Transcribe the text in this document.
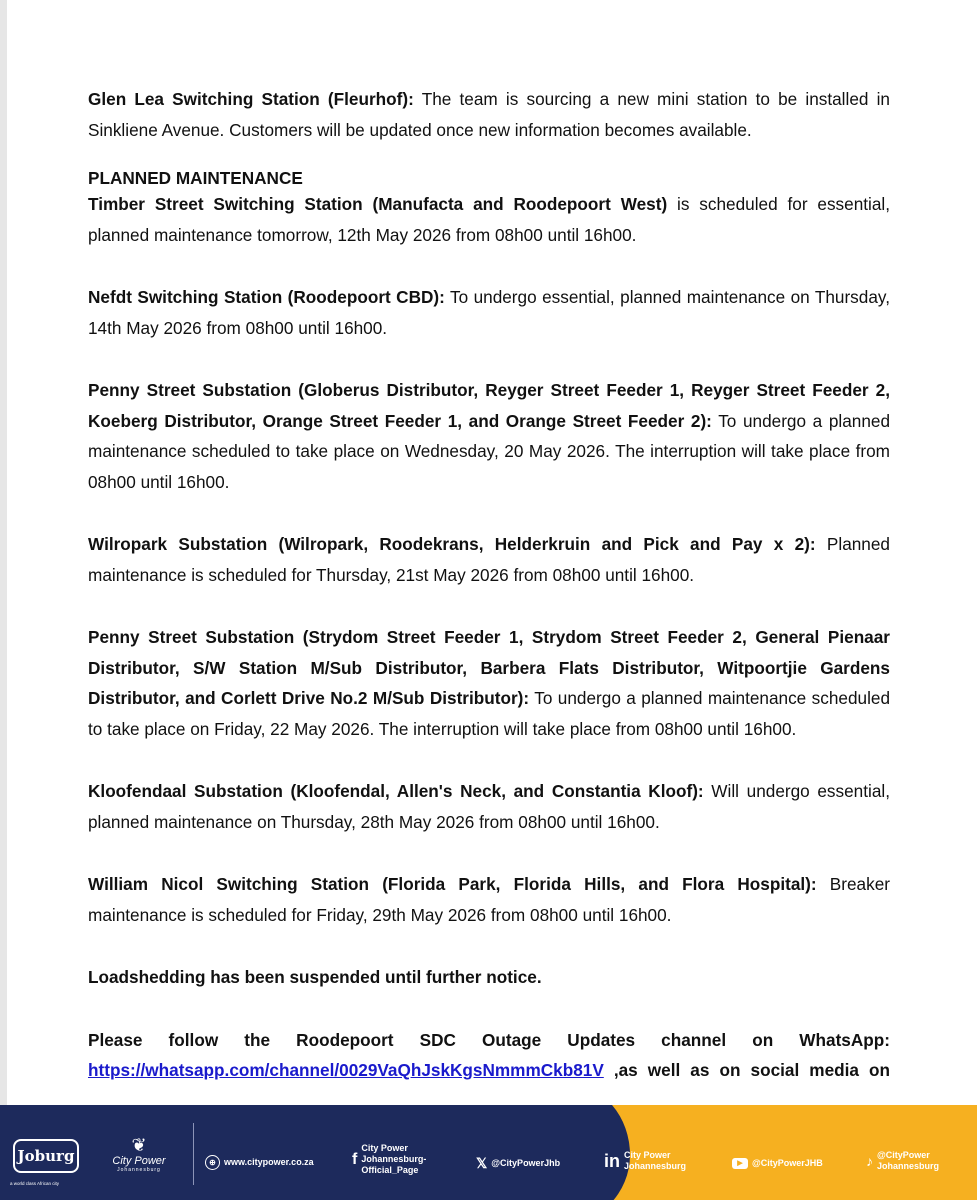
Glen Lea Switching Station (Fleurhof): The team is sourcing a new mini station to be installed in Sinkliene Avenue. Customers will be updated once new information becomes available.

PLANNED MAINTENANCE

Timber Street Switching Station (Manufacta and Roodepoort West) is scheduled for essential, planned maintenance tomorrow, 12th May 2026 from 08h00 until 16h00.

Nefdt Switching Station (Roodepoort CBD): To undergo essential, planned maintenance on Thursday, 14th May 2026 from 08h00 until 16h00.

Penny Street Substation (Globerus Distributor, Reyger Street Feeder 1, Reyger Street Feeder 2, Koeberg Distributor, Orange Street Feeder 1, and Orange Street Feeder 2): To undergo a planned maintenance scheduled to take place on Wednesday, 20 May 2026. The interruption will take place from 08h00 until 16h00.

Wilropark Substation (Wilropark, Roodekrans, Helderkruin and Pick and Pay x 2): Planned maintenance is scheduled for Thursday, 21st May 2026 from 08h00 until 16h00.

Penny Street Substation (Strydom Street Feeder 1, Strydom Street Feeder 2, General Pienaar Distributor, S/W Station M/Sub Distributor, Barbera Flats Distributor, Witpoortjie Gardens Distributor, and Corlett Drive No.2 M/Sub Distributor): To undergo a planned maintenance scheduled to take place on Friday, 22 May 2026. The interruption will take place from 08h00 until 16h00.

Kloofendaal Substation (Kloofendal, Allen's Neck, and Constantia Kloof): Will undergo essential, planned maintenance on Thursday, 28th May 2026 from 08h00 until 16h00.

William Nicol Switching Station (Florida Park, Florida Hills, and Flora Hospital): Breaker maintenance is scheduled for Friday, 29th May 2026 from 08h00 until 16h00.

Loadshedding has been suspended until further notice.

Please follow the Roodepoort SDC Outage Updates channel on WhatsApp: https://whatsapp.com/channel/0029VaQhJskKgsNmmmCkb81V ,as well as on social media on

Joburg
a world class African city
❦
City Power
Johannesburg
⊕ www.citypower.co.za f
City Power Johannesburg-Official_Page	𝕏 @CityPowerJhb in City Power Johannesburg	▶	@CityPowerJHB	♪ @CityPower Johannesburg
